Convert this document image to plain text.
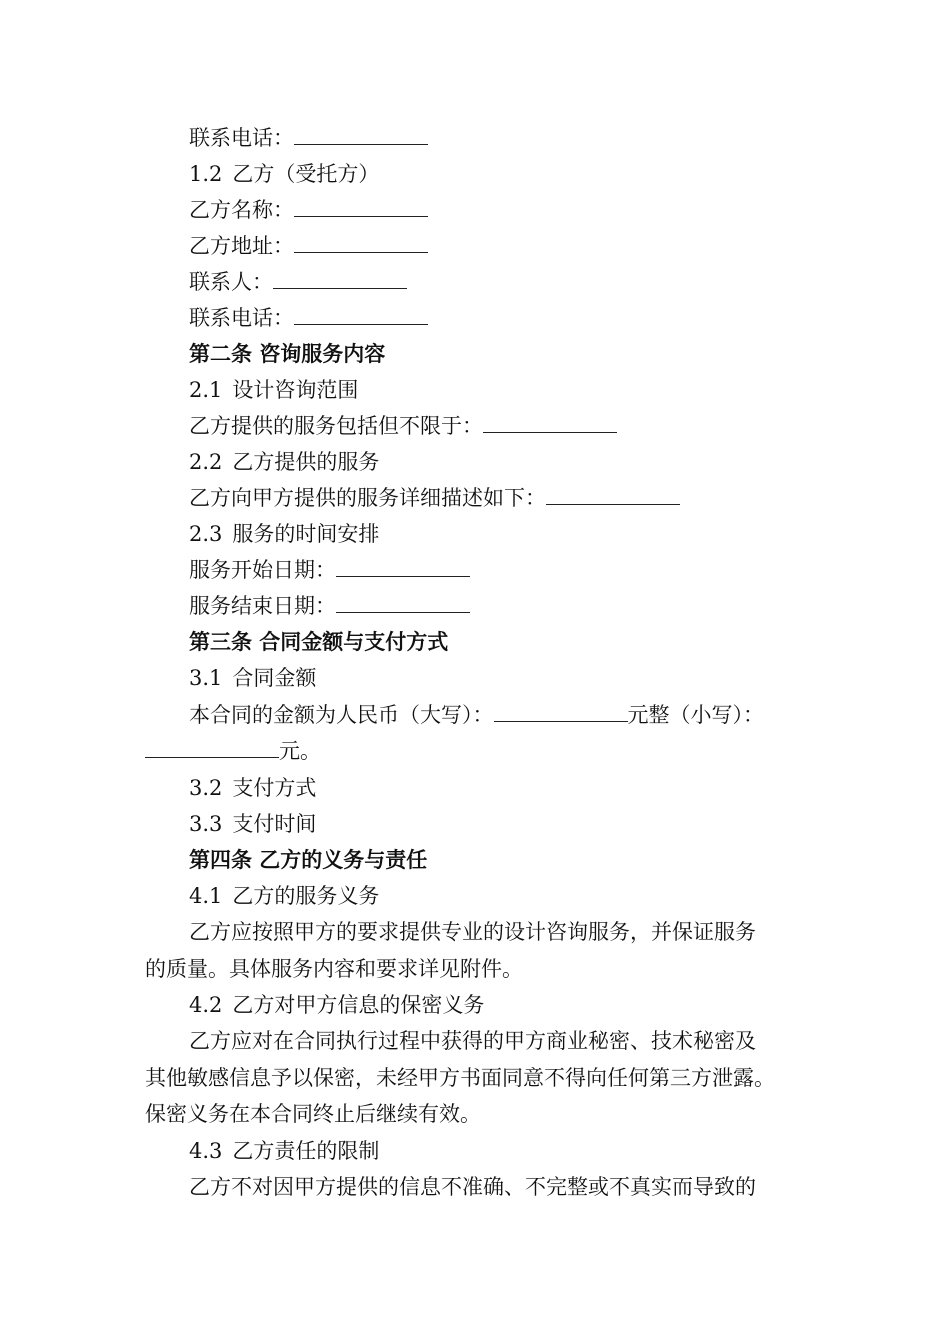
联系电话：
1.2 乙方（受托方）
乙方名称：
乙方地址：
联系人：
联系电话：
第二条 咨询服务内容
2.1 设计咨询范围
乙方提供的服务包括但不限于：
2.2 乙方提供的服务
乙方向甲方提供的服务详细描述如下：
2.3 服务的时间安排
服务开始日期：
服务结束日期：
第三条 合同金额与支付方式
3.1 合同金额
本合同的金额为人民币（大写）：	元整（小写）：
元。
3.2 支付方式
3.3 支付时间
第四条 乙方的义务与责任
4.1 乙方的服务义务
乙方应按照甲方的要求提供专业的设计咨询服务，并保证服务
的质量。具体服务内容和要求详见附件。
4.2 乙方对甲方信息的保密义务
乙方应对在合同执行过程中获得的甲方商业秘密、技术秘密及
其他敏感信息予以保密，未经甲方书面同意不得向任何第三方泄露。
保密义务在本合同终止后继续有效。
4.3 乙方责任的限制
乙方不对因甲方提供的信息不准确、不完整或不真实而导致的
